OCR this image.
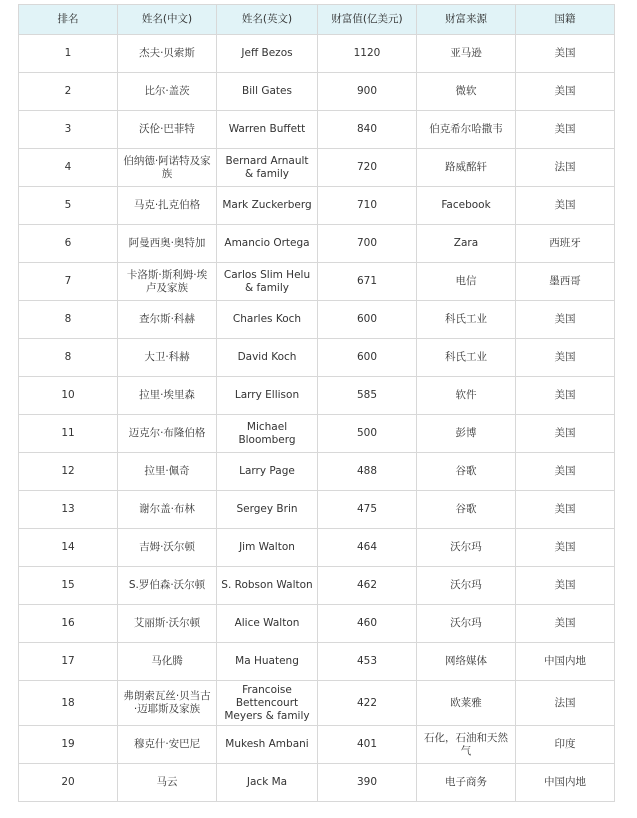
排名	姓名(中文)	姓名(英文)	财富值(亿美元)	财富来源	国籍
1	杰夫·贝索斯	Jeff Bezos	1120	亚马逊	美国
2	比尔·盖茨	Bill Gates	900	微软	美国
3	沃伦·巴菲特	Warren Buffett	840	伯克希尔哈撒韦	美国
4	伯纳德·阿诺特及家族	Bernard Arnault & family	720	路威酩轩	法国
5	马克·扎克伯格	Mark Zuckerberg	710	Facebook	美国
6	阿曼西奥·奥特加	Amancio Ortega	700	Zara	西班牙
7	卡洛斯·斯利姆·埃卢及家族	Carlos Slim Helu & family	671	电信	墨西哥
8	查尔斯·科赫	Charles Koch	600	科氏工业	美国
8	大卫·科赫	David Koch	600	科氏工业	美国
10	拉里·埃里森	Larry Ellison	585	软件	美国
11	迈克尔·布隆伯格	Michael Bloomberg	500	彭博	美国
12	拉里·佩奇	Larry Page	488	谷歌	美国
13	谢尔盖·布林	Sergey Brin	475	谷歌	美国
14	吉姆·沃尔顿	Jim Walton	464	沃尔玛	美国
15	S.罗伯森·沃尔顿	S. Robson Walton	462	沃尔玛	美国
16	艾丽斯·沃尔顿	Alice Walton	460	沃尔玛	美国
17	马化腾	Ma Huateng	453	网络媒体	中国内地
18	弗朗索瓦丝·贝当古·迈耶斯及家族	Francoise Bettencourt Meyers & family	422	欧莱雅	法国
19	穆克什·安巴尼	Mukesh Ambani	401	石化，石油和天然气	印度
20	马云	Jack Ma	390	电子商务	中国内地
